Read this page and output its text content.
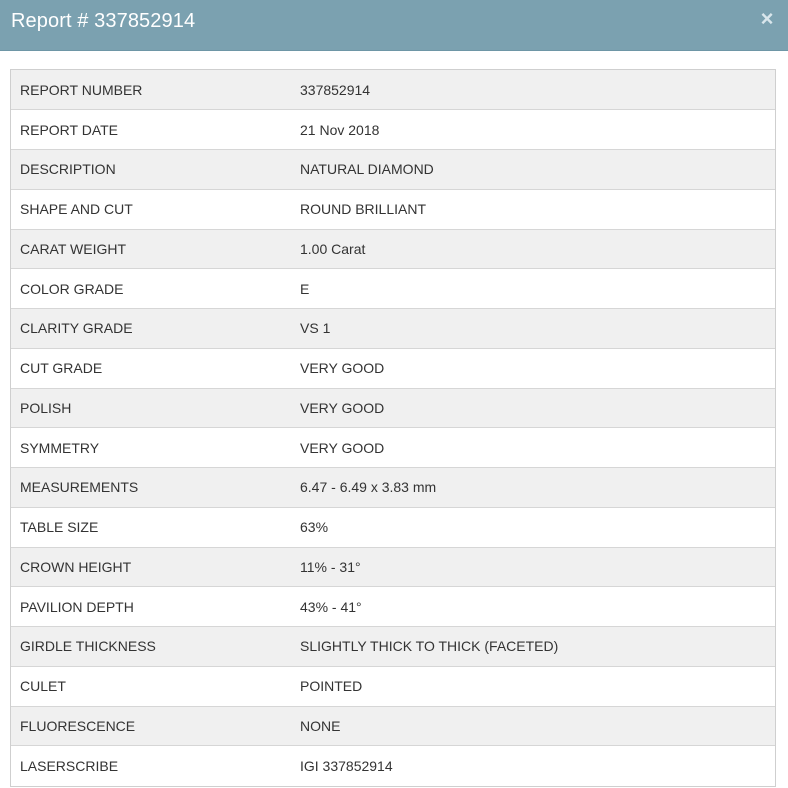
Report # 337852914	×
REPORT NUMBER	337852914
REPORT DATE	21 Nov 2018
DESCRIPTION	NATURAL DIAMOND
SHAPE AND CUT	ROUND BRILLIANT
CARAT WEIGHT	1.00 Carat
COLOR GRADE	E
CLARITY GRADE	VS 1
CUT GRADE	VERY GOOD
POLISH	VERY GOOD
SYMMETRY	VERY GOOD
MEASUREMENTS	6.47 - 6.49 x 3.83 mm
TABLE SIZE	63%
CROWN HEIGHT	11% - 31°
PAVILION DEPTH	43% - 41°
GIRDLE THICKNESS	SLIGHTLY THICK TO THICK (FACETED)
CULET	POINTED
FLUORESCENCE	NONE
LASERSCRIBE	IGI 337852914
